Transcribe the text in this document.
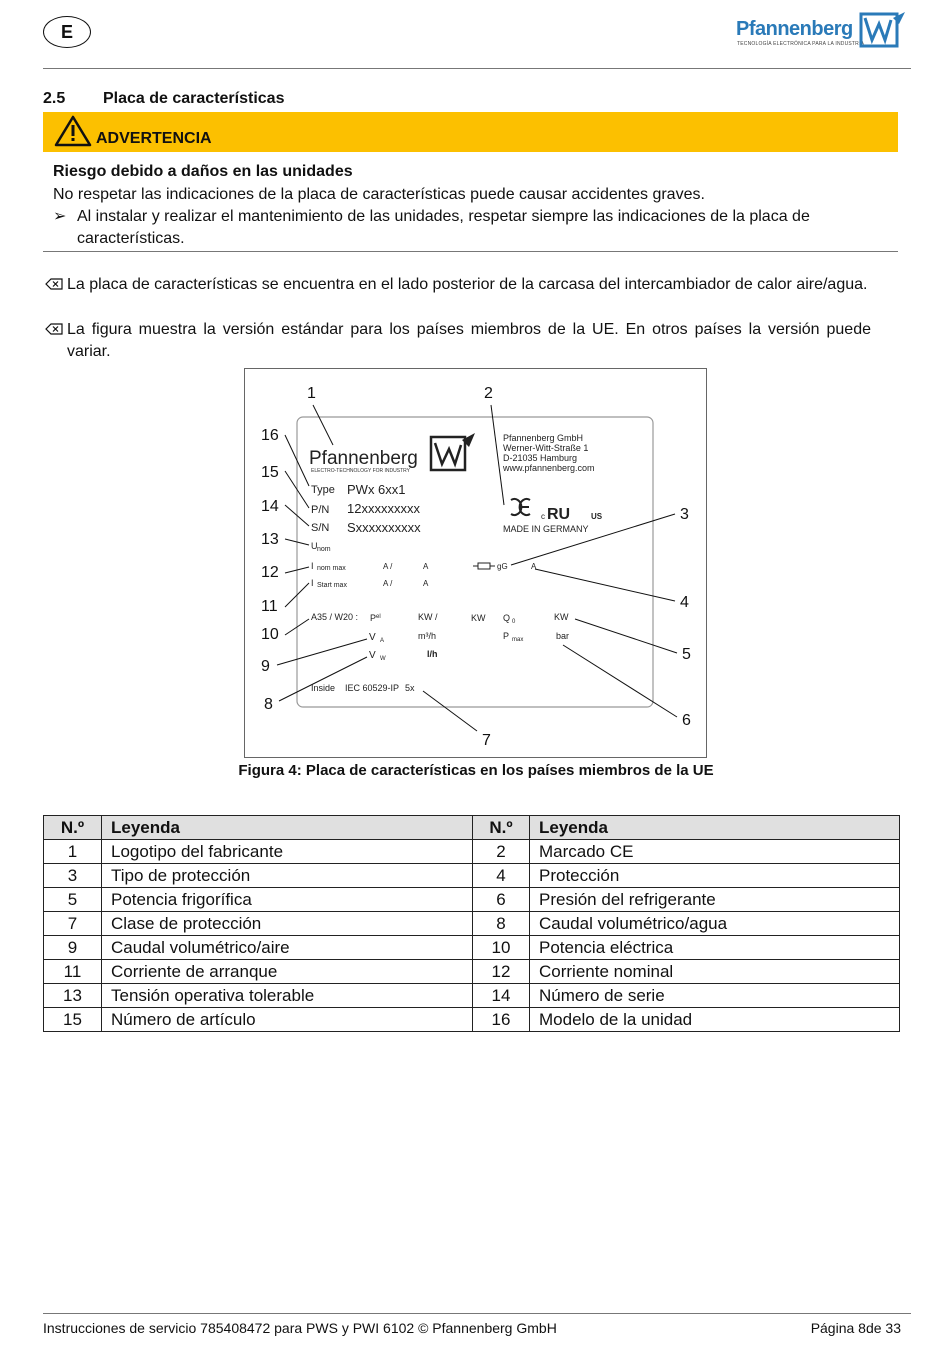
E	Pfannenberg
TECNOLOGÍA ELECTRÓNICA PARA LA INDUSTRIA
2.5 Placa de características
ADVERTENCIA
Riesgo debido a daños en las unidades
No respetar las indicaciones de la placa de características puede causar accidentes graves.
➢ Al instalar y realizar el mantenimiento de las unidades, respetar siempre las indicaciones de la placa de características.
La placa de características se encuentra en el lado posterior de la carcasa del intercambiador de calor aire/agua.
La figura muestra la versión estándar para los países miembros de la UE. En otros países la versión puede variar.
1	2
3
4
5
6
7
8
9
10
11
12
13
14
15
16
Pfannenberg
ELECTRO-TECHNOLOGY FOR INDUSTRY
Pfannenberg GmbH
Werner-Witt-Straße 1
D-21035 Hamburg
www.pfannenberg.com
c RU	US
MADE IN GERMANY
Type PWx 6xx1
P/N 12xxxxxxxxx
S/N Sxxxxxxxxxx
U nom
I nom max	A /	A	gG	A
I Start max	A /	A
A35 / W20 : P el	KW /	KW Q 0	KW
V A	m³/h	P max	bar
V W	l/h
Inside IEC 60529-IP 5x
Figura 4: Placa de características en los países miembros de la UE
N.º	Leyenda	N.º	Leyenda
1	Logotipo del fabricante	2	Marcado CE
3	Tipo de protección	4	Protección
5	Potencia frigorífica	6	Presión del refrigerante
7	Clase de protección	8	Caudal volumétrico/agua
9	Caudal volumétrico/aire	10	Potencia eléctrica
11	Corriente de arranque	12	Corriente nominal
13	Tensión operativa tolerable	14	Número de serie
15	Número de artículo	16	Modelo de la unidad
Instrucciones de servicio 785408472 para PWS y PWI 6102 © Pfannenberg GmbH	Página 8de 33
